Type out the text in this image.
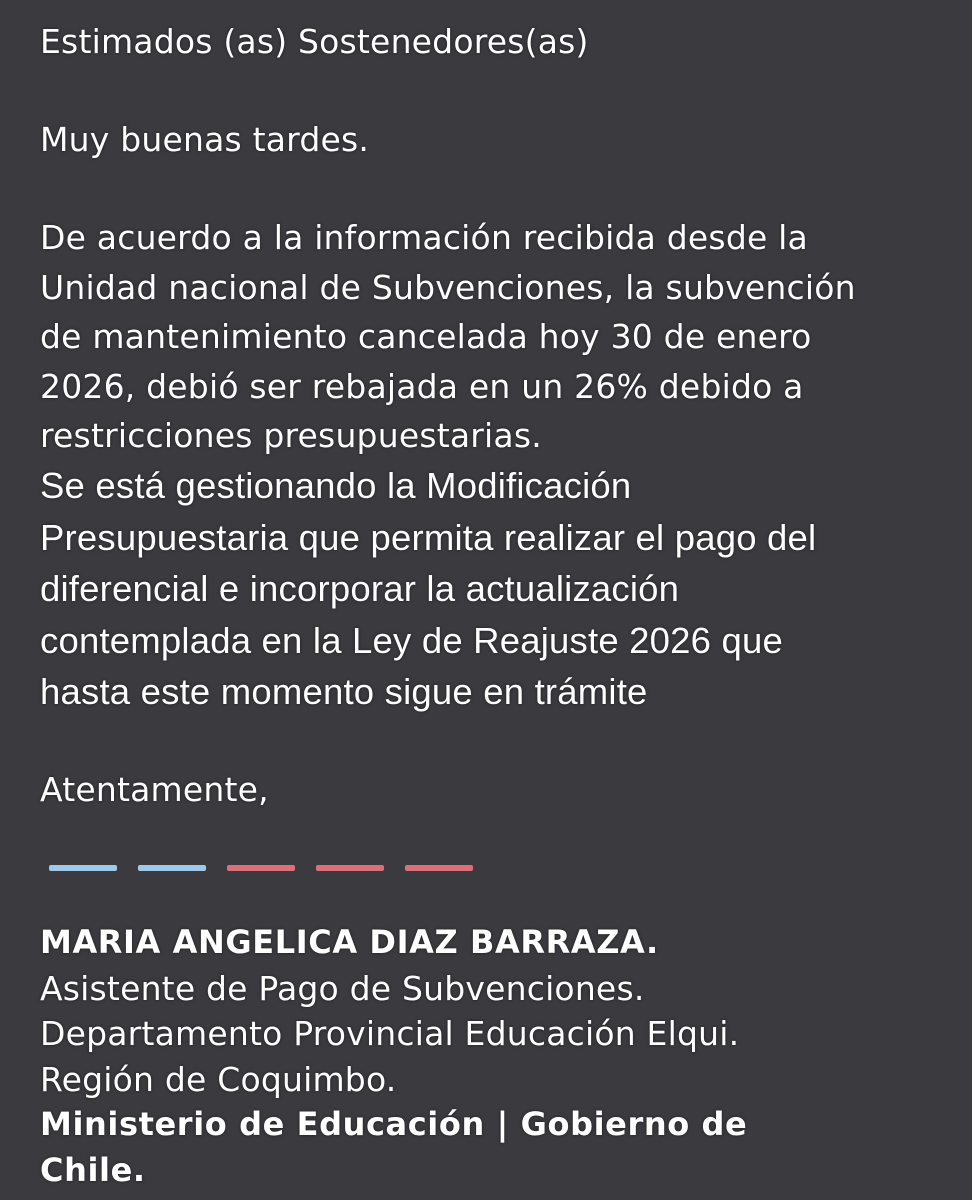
Estimados (as) Sostenedores(as)
Muy buenas tardes.
De acuerdo a la información recibida desde la
Unidad nacional de Subvenciones, la subvención
de mantenimiento cancelada hoy 30 de enero
2026, debió ser rebajada en un 26% debido a
restricciones presupuestarias.
Se está gestionando la Modificación
Presupuestaria que permita realizar el pago del
diferencial e incorporar la actualización
contemplada en la Ley de Reajuste 2026 que
hasta este momento sigue en trámite
Atentamente,
MARIA ANGELICA DIAZ BARRAZA.
Asistente de Pago de Subvenciones.
Departamento Provincial Educación Elqui.
Región de Coquimbo.
Ministerio de Educación | Gobierno de
Chile.
